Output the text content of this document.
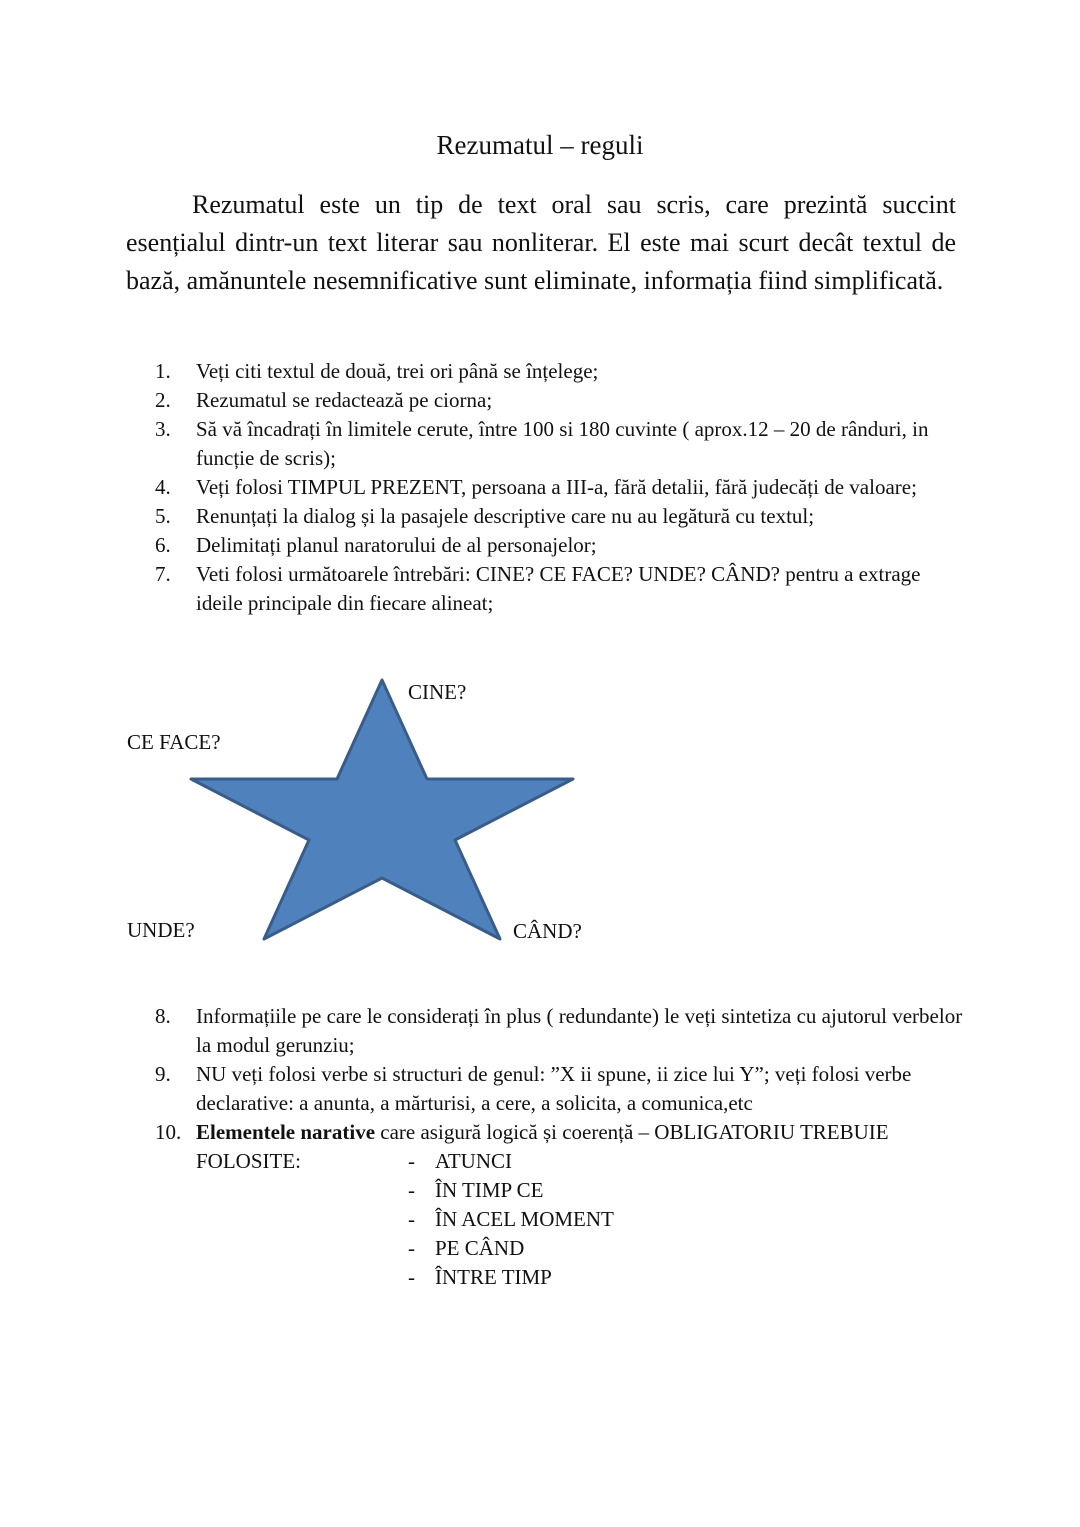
Rezumatul – reguli
Rezumatul este un tip de text oral sau scris, care prezintă succint esențialul dintr-un text literar sau nonliterar. El este mai scurt decât textul de bază, amănuntele nesemnificative sunt eliminate, informația fiind simplificată.
1.	Veți citi textul de două, trei ori până se înțelege;
2.	Rezumatul se redactează pe ciorna;
3.	Să vă încadrați în limitele cerute, între 100 si 180 cuvinte ( aprox.12 – 20 de rânduri, in funcție de scris);
4.	Veți folosi TIMPUL PREZENT, persoana a III-a, fără detalii, fără judecăți de valoare;
5.	Renunțați la dialog și la pasajele descriptive care nu au legătură cu textul;
6.	Delimitați planul naratorului de al personajelor;
7.	Veti folosi următoarele întrebări: CINE? CE FACE? UNDE? CÂND? pentru a extrage ideile principale din fiecare alineat;
CINE?
CE FACE?
UNDE?	CÂND?
8.	Informațiile pe care le considerați în plus ( redundante) le veți sintetiza cu ajutorul verbelor la modul gerunziu;
9.	NU veți folosi verbe si structuri de genul: ”X ii spune, ii zice lui Y”; veți folosi verbe declarative: a anunta, a mărturisi, a cere, a solicita, a comunica,etc
10. Elementele narative care asigură logică și coerență – OBLIGATORIU TREBUIE
FOLOSITE:	- ATUNCI
- ÎN TIMP CE
- ÎN ACEL MOMENT
- PE CÂND
- ÎNTRE TIMP
